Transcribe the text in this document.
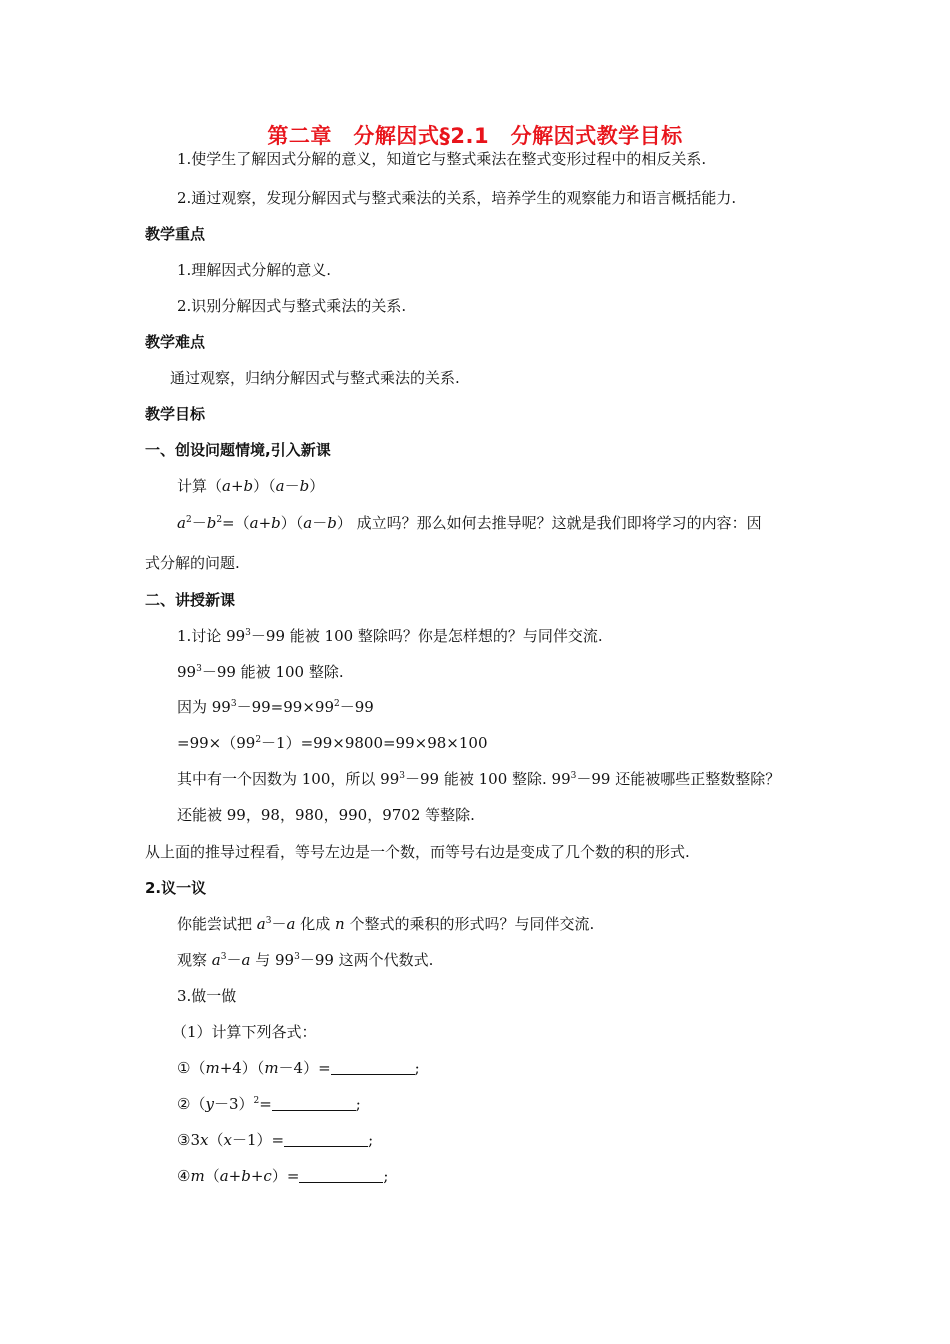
第二章　分解因式§2.1　分解因式教学目标
1.使学生了解因式分解的意义，知道它与整式乘法在整式变形过程中的相反关系.
2.通过观察，发现分解因式与整式乘法的关系，培养学生的观察能力和语言概括能力.
教学重点
1.理解因式分解的意义.
2.识别分解因式与整式乘法的关系.
教学难点
通过观察，归纳分解因式与整式乘法的关系.
教学目标
一、创设问题情境,引入新课
计算（a+b）（a－b）
$a^2-b^2=(a+b)(a-b)$ 成立吗？那么如何去推导呢？这就是我们即将学习的内容：因
式分解的问题.
二、讲授新课
1.讨论 $99^3-99$ 能被 100 整除吗？你是怎样想的？与同伴交流.
$99^3-99$ 能被 100 整除.
因为 $99^3-99=99\times 99^2-99$
$=99\times(99^2-1)=99\times 9800=99\times 98\times 100$
其中有一个因数为 100，所以 $99^3-99$ 能被 100 整除. $99^3-99$ 还能被哪些正整数整除？
还能被 99，98，980，990，9702 等整除.
从上面的推导过程看，等号左边是一个数，而等号右边是变成了几个数的积的形式.
2.议一议
你能尝试把 $a^3-a$ 化成 n 个整式的乘积的形式吗？与同伴交流.
观察 $a^3-a$ 与 $99^3-99$ 这两个代数式.
3.做一做
（1）计算下列各式：
①（m+4）（m－4）=	;
$②(y-3)^2=$	;
③3x（x－1）=	;
④m（a+b+c）=	;
